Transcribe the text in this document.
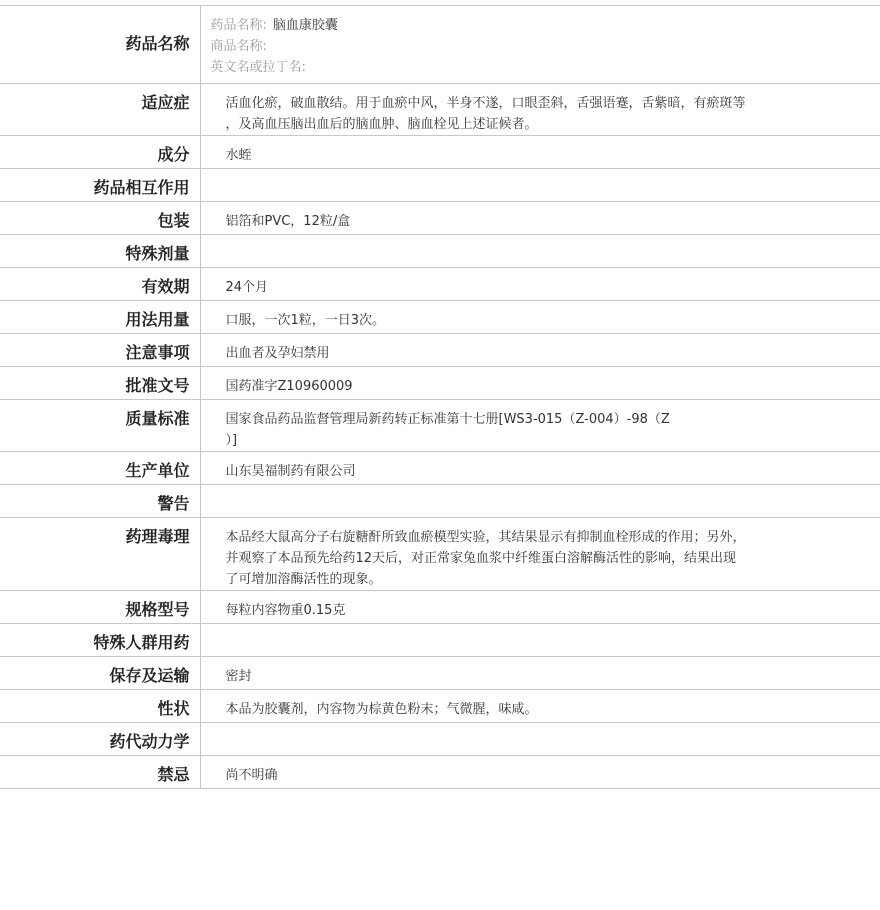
药品名称	药品名称: 脑血康胶囊
商品名称:
英文名或拉丁名:

适应症	活血化瘀，破血散结。用于血瘀中风，半身不遂，口眼歪斜，舌强语蹇，舌紫暗，有瘀斑等
，及高血压脑出血后的脑血肿、脑血栓见上述证候者。

成分	水蛭
药品相互作用	
包装	铝箔和PVC，12粒/盒
特殊剂量	
有效期	24个月
用法用量	口服，一次1粒，一日3次。
注意事项	出血者及孕妇禁用
批准文号	国药准字Z10960009
质量标准	国家食品药品监督管理局新药转正标准第十七册[WS3-015（Z-004）-98（Z
）]

生产单位	山东昊福制药有限公司
警告	
药理毒理	本品经大鼠高分子右旋糖酐所致血瘀模型实验，其结果显示有抑制血栓形成的作用；另外，
并观察了本品预先给药12天后，对正常家兔血浆中纤维蛋白溶解酶活性的影响，结果出现
了可增加溶酶活性的现象。

规格型号	每粒内容物重0.15克
特殊人群用药	
保存及运输	密封
性状	本品为胶囊剂，内容物为棕黄色粉末；气微腥，味咸。
药代动力学	
禁忌	尚不明确
